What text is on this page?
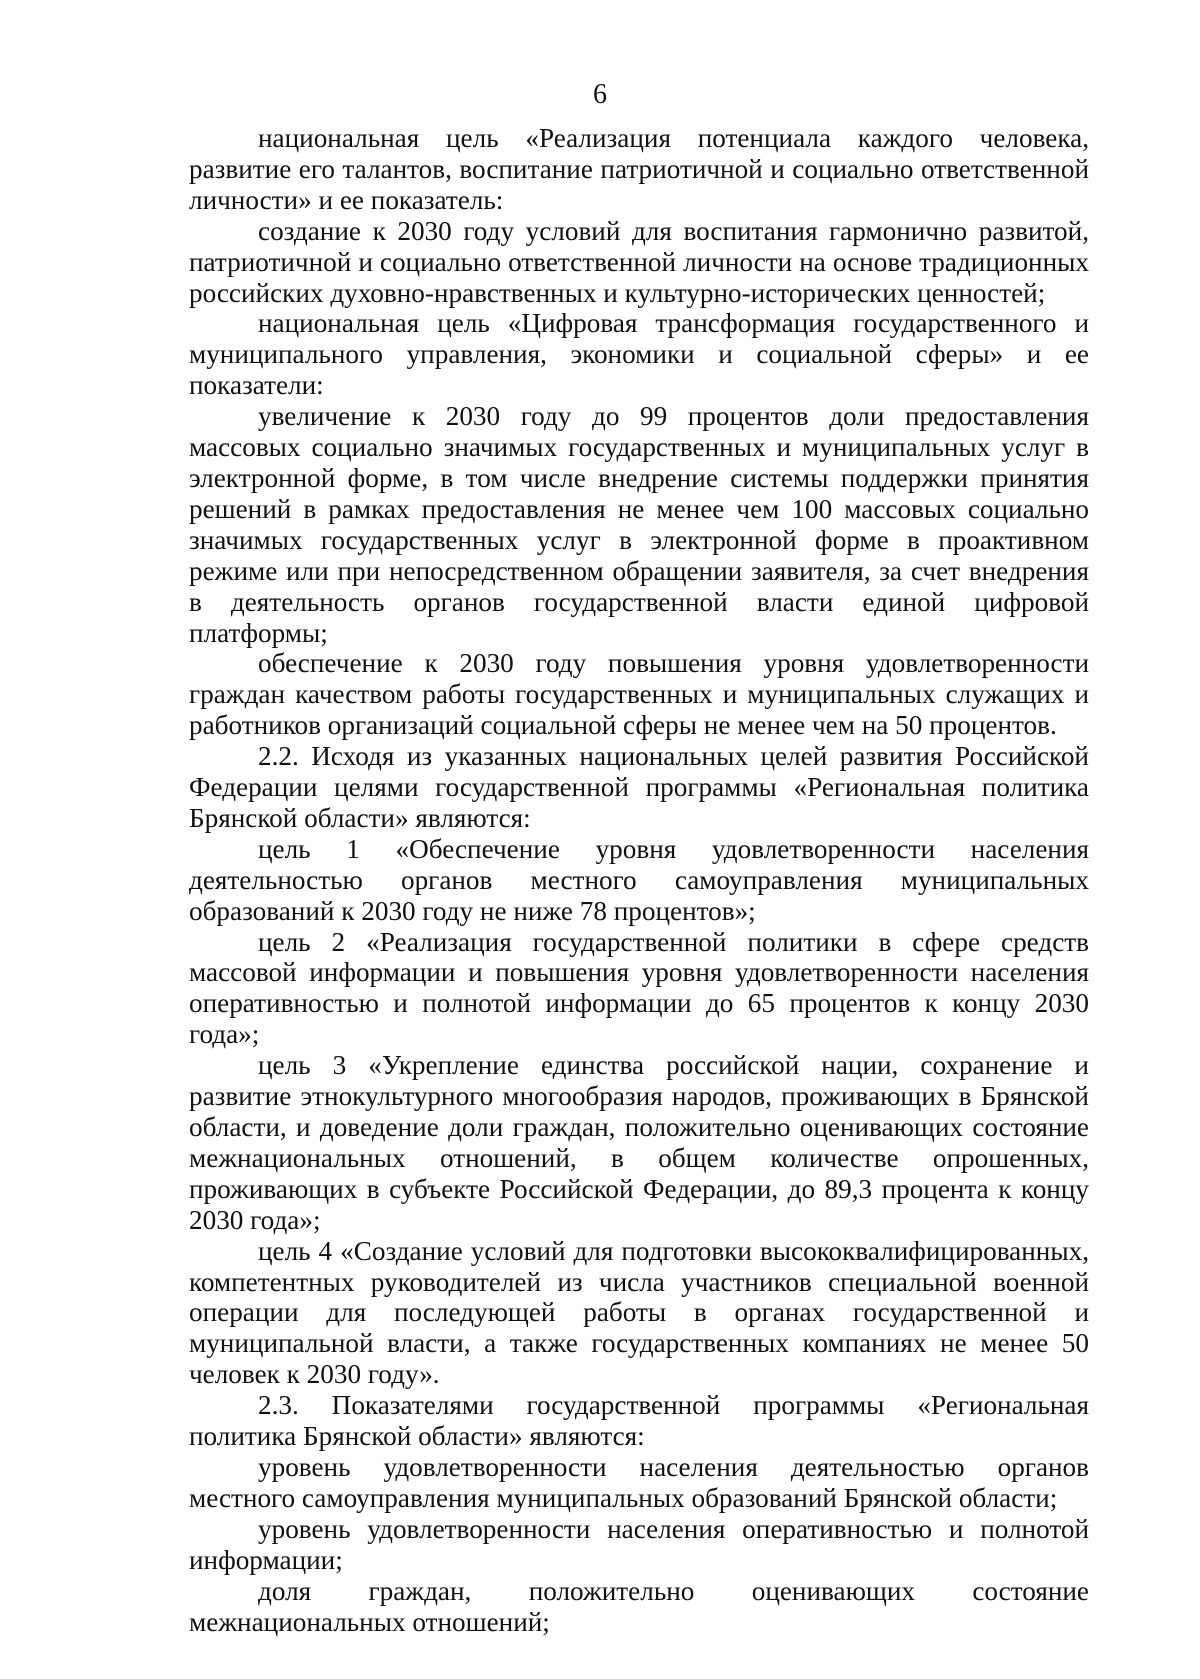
6

национальная цель «Реализация потенциала каждого человека, развитие его талантов, воспитание патриотичной и социально ответственной личности» и ее показатель:

создание к 2030 году условий для воспитания гармонично развитой, патриотичной и социально ответственной личности на основе традиционных российских духовно-нравственных и культурно-исторических ценностей;

национальная цель «Цифровая трансформация государственного и муниципального управления, экономики и социальной сферы» и ее показатели:

увеличение к 2030 году до 99 процентов доли предоставления массовых социально значимых государственных и муниципальных услуг в электронной форме, в том числе внедрение системы поддержки принятия решений в рамках предоставления не менее чем 100 массовых социально значимых государственных услуг в электронной форме в проактивном режиме или при непосредственном обращении заявителя, за счет внедрения в деятельность органов государственной власти единой цифровой платформы;

обеспечение к 2030 году повышения уровня удовлетворенности граждан качеством работы государственных и муниципальных служащих и работников организаций социальной сферы не менее чем на 50 процентов.

2.2. Исходя из указанных национальных целей развития Российской Федерации целями государственной программы «Региональная политика Брянской области» являются:

цель 1 «Обеспечение уровня удовлетворенности населения деятельностью органов местного самоуправления муниципальных образований к 2030 году не ниже 78 процентов»;

цель 2 «Реализация государственной политики в сфере средств массовой информации и повышения уровня удовлетворенности населения оперативностью и полнотой информации до 65 процентов к концу 2030 года»;

цель 3 «Укрепление единства российской нации, сохранение и развитие этнокультурного многообразия народов, проживающих в Брянской области, и доведение доли граждан, положительно оценивающих состояние межнациональных отношений, в общем количестве опрошенных, проживающих в субъекте Российской Федерации, до 89,3 процента к концу 2030 года»;

цель 4 «Создание условий для подготовки высококвалифицированных, компетентных руководителей из числа участников специальной военной операции для последующей работы в органах государственной и муниципальной власти, а также государственных компаниях не менее 50 человек к 2030 году».

2.3. Показателями государственной программы «Региональная политика Брянской области» являются:

уровень удовлетворенности населения деятельностью органов местного самоуправления муниципальных образований Брянской области;

уровень удовлетворенности населения оперативностью и полнотой информации;

доля граждан, положительно оценивающих состояние межнациональных отношений;
